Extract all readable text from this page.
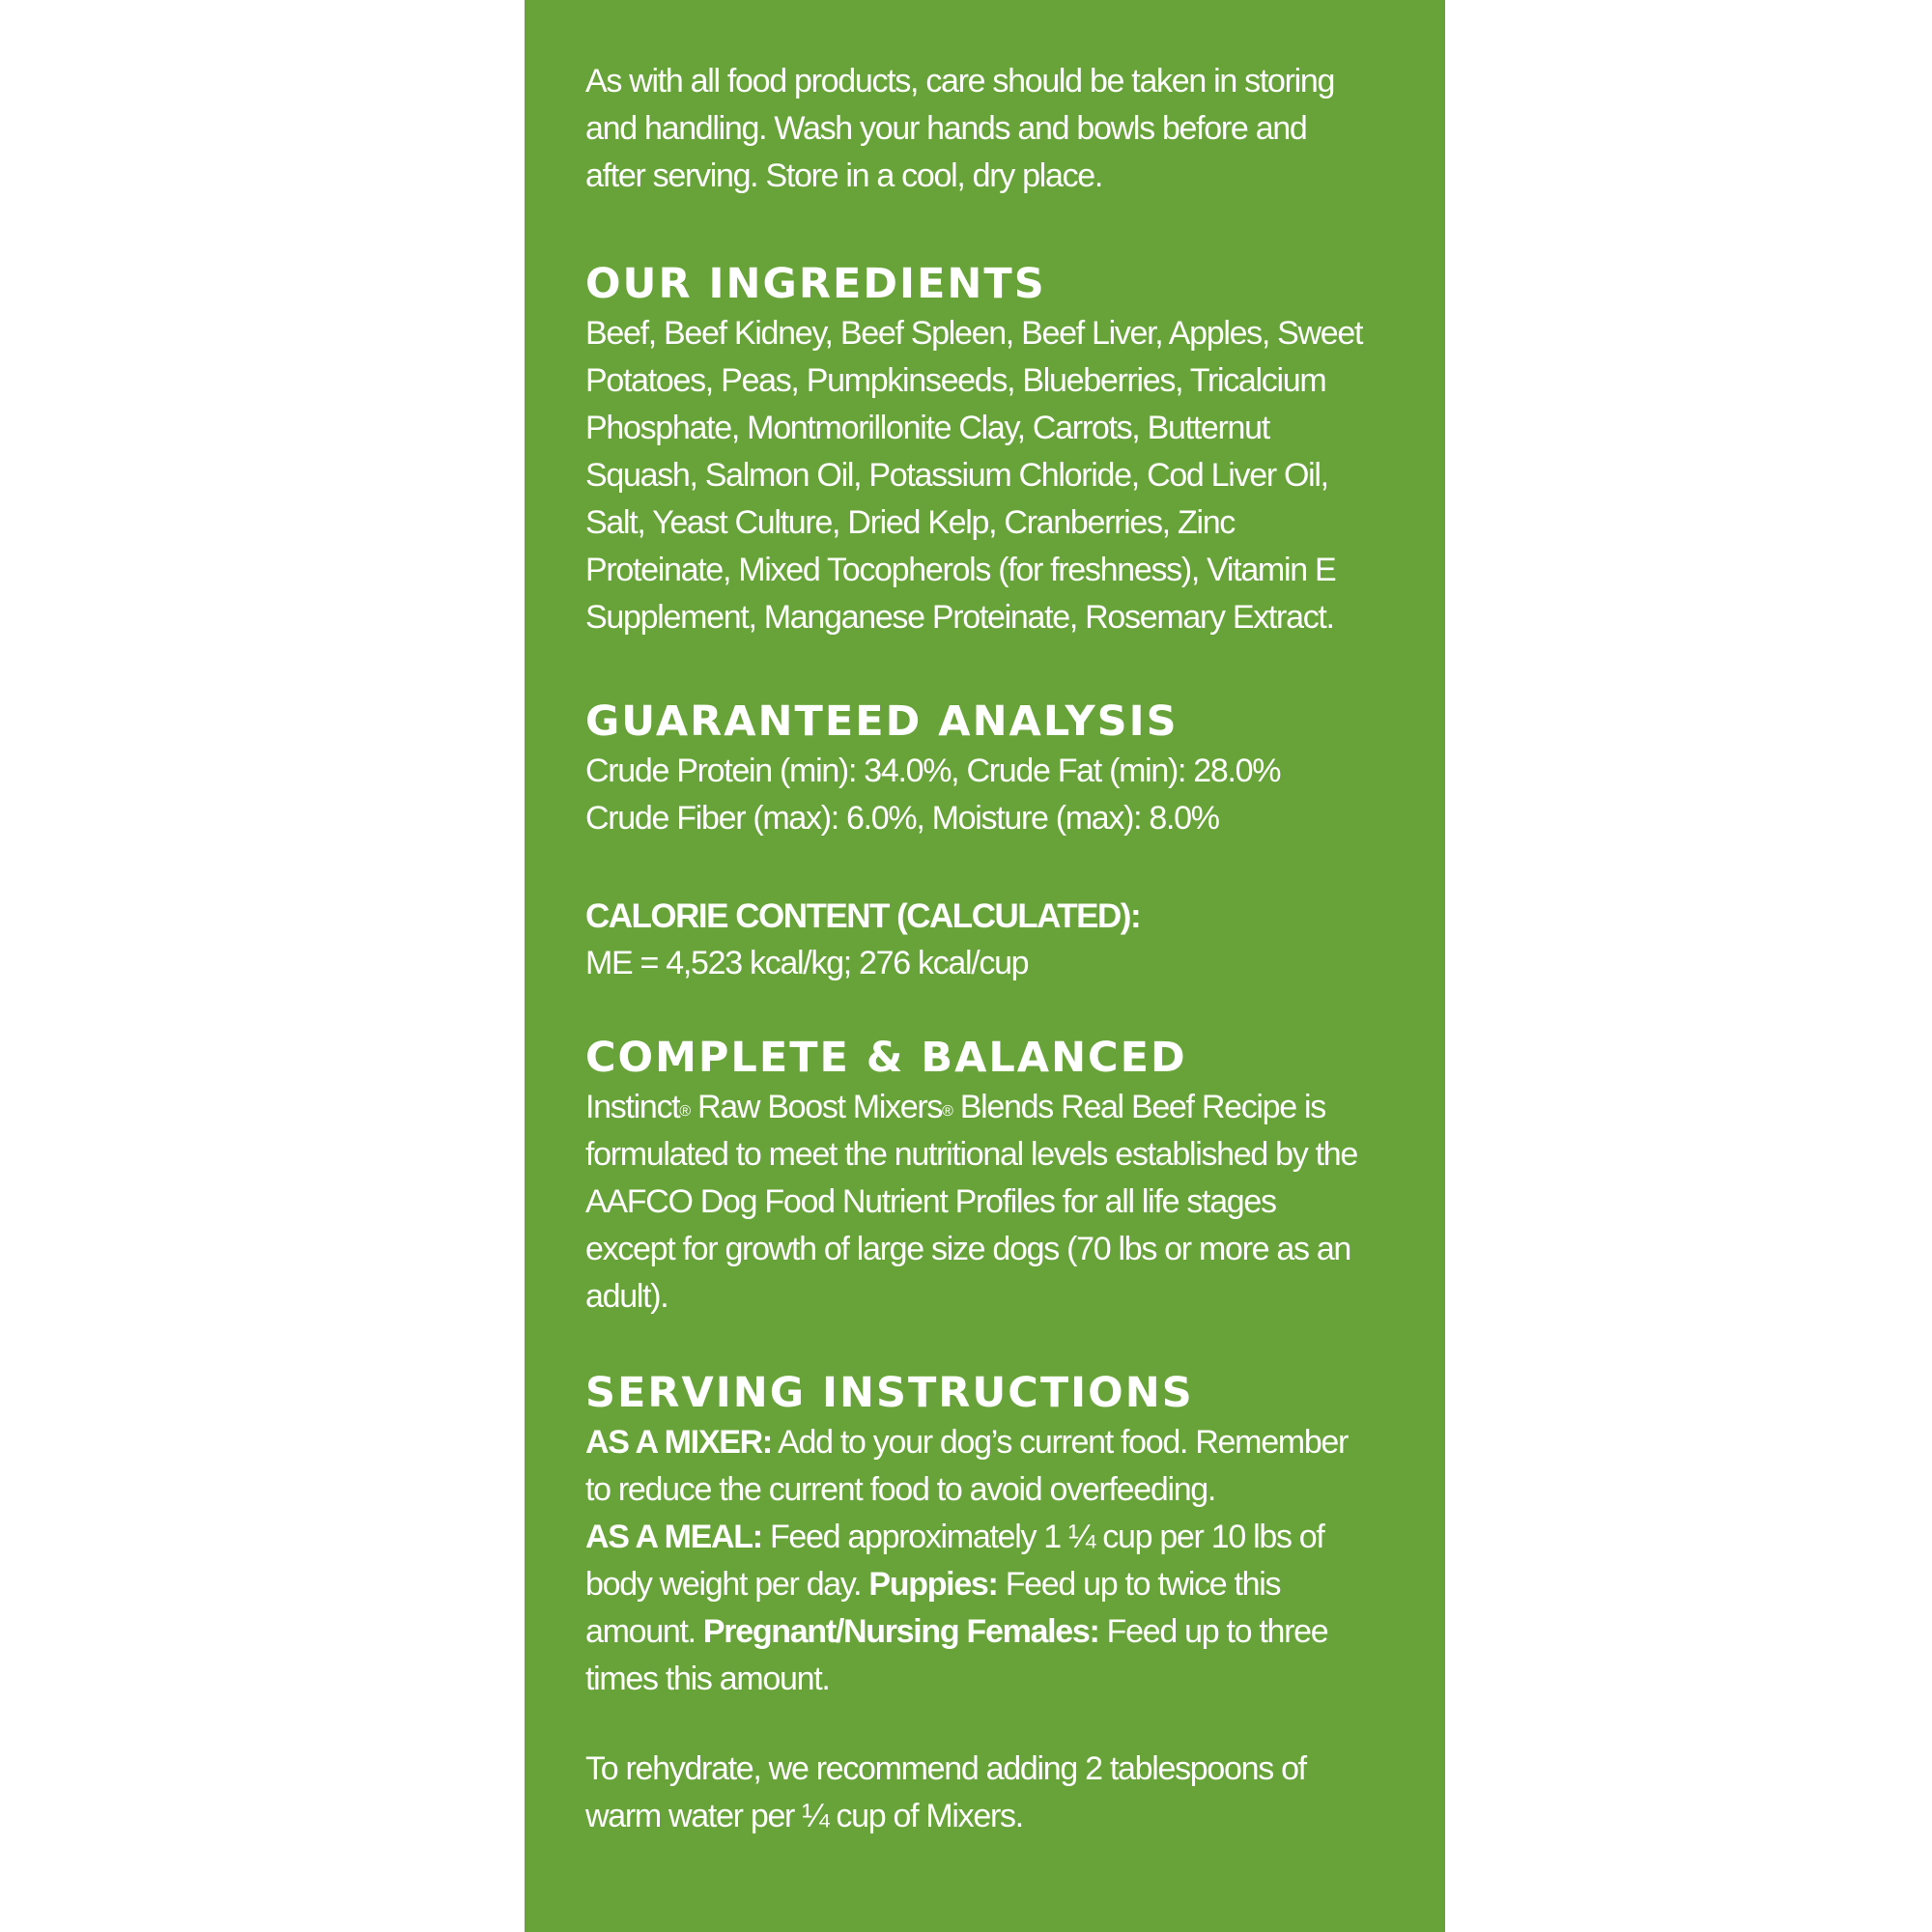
As with all food products, care should be taken in storing and handling. Wash your hands and bowls before and after serving. Store in a cool, dry place.

OUR INGREDIENTS

Beef, Beef Kidney, Beef Spleen, Beef Liver, Apples, Sweet Potatoes, Peas, Pumpkinseeds, Blueberries, Tricalcium Phosphate, Montmorillonite Clay, Carrots, Butternut Squash, Salmon Oil, Potassium Chloride, Cod Liver Oil, Salt, Yeast Culture, Dried Kelp, Cranberries, Zinc Proteinate, Mixed Tocopherols (for freshness), Vitamin E Supplement, Manganese Proteinate, Rosemary Extract.

GUARANTEED ANALYSIS

Crude Protein (min): 34.0%, Crude Fat (min): 28.0%

Crude Fiber (max): 6.0%, Moisture (max): 8.0%

CALORIE CONTENT (CALCULATED):

ME = 4,523 kcal/kg; 276 kcal/cup

COMPLETE & BALANCED

Instinct® Raw Boost Mixers® Blends Real Beef Recipe is formulated to meet the nutritional levels established by the AAFCO Dog Food Nutrient Profiles for all life stages except for growth of large size dogs (70 lbs or more as an adult).

SERVING INSTRUCTIONS

AS A MIXER: Add to your dog’s current food. Remember to reduce the current food to avoid overfeeding.
AS A MEAL: Feed approximately 1 ¼ cup per 10 lbs of body weight per day. Puppies: Feed up to twice this amount. Pregnant/Nursing Females: Feed up to three times this amount.

To rehydrate, we recommend adding 2 tablespoons of warm water per ¼ cup of Mixers.
